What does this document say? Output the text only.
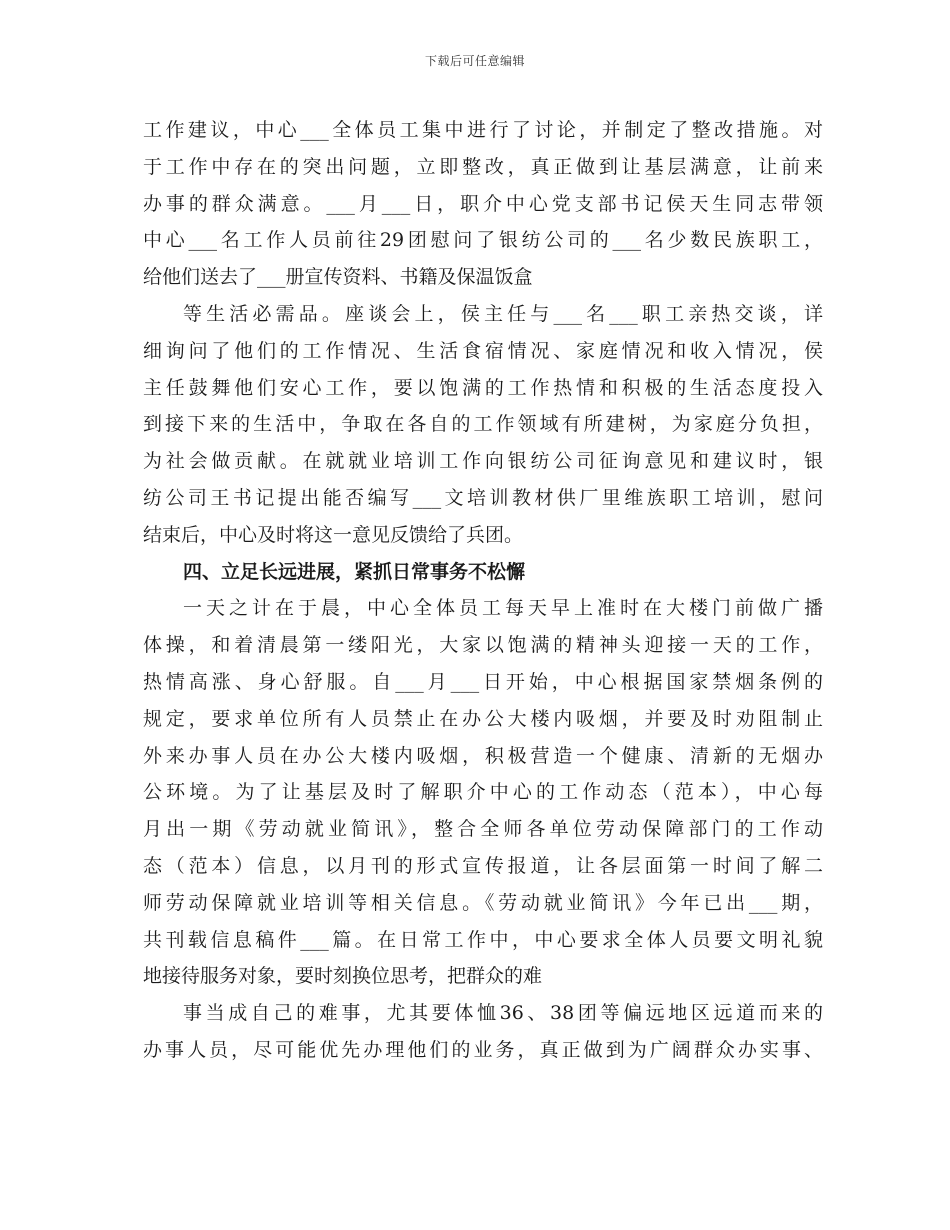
下载后可任意编辑
工作建议，中心___全体员工集中进行了讨论，并制定了整改措施。对
于工作中存在的突出问题，立即整改，真正做到让基层满意，让前来
办事的群众满意。___月___日，职介中心党支部书记侯天生同志带领
中心___名工作人员前往29团慰问了银纺公司的___名少数民族职工，
给他们送去了___册宣传资料、书籍及保温饭盒
等生活必需品。座谈会上，侯主任与___名___职工亲热交谈，详
细询问了他们的工作情况、生活食宿情况、家庭情况和收入情况，侯
主任鼓舞他们安心工作，要以饱满的工作热情和积极的生活态度投入
到接下来的生活中，争取在各自的工作领域有所建树，为家庭分负担，
为社会做贡献。在就就业培训工作向银纺公司征询意见和建议时，银
纺公司王书记提出能否编写___文培训教材供厂里维族职工培训，慰问
结束后，中心及时将这一意见反馈给了兵团。
四、立足长远进展，紧抓日常事务不松懈
一天之计在于晨，中心全体员工每天早上准时在大楼门前做广播
体操，和着清晨第一缕阳光，大家以饱满的精神头迎接一天的工作，
热情高涨、身心舒服。自___月___日开始，中心根据国家禁烟条例的
规定，要求单位所有人员禁止在办公大楼内吸烟，并要及时劝阻制止
外来办事人员在办公大楼内吸烟，积极营造一个健康、清新的无烟办
公环境。为了让基层及时了解职介中心的工作动态（范本），中心每
月出一期《劳动就业简讯》，整合全师各单位劳动保障部门的工作动
态（范本）信息，以月刊的形式宣传报道，让各层面第一时间了解二
师劳动保障就业培训等相关信息。《劳动就业简讯》今年已出___期，
共刊载信息稿件___篇。在日常工作中，中心要求全体人员要文明礼貌
地接待服务对象，要时刻换位思考，把群众的难
事当成自己的难事，尤其要体恤36、38团等偏远地区远道而来的
办事人员，尽可能优先办理他们的业务，真正做到为广阔群众办实事、
